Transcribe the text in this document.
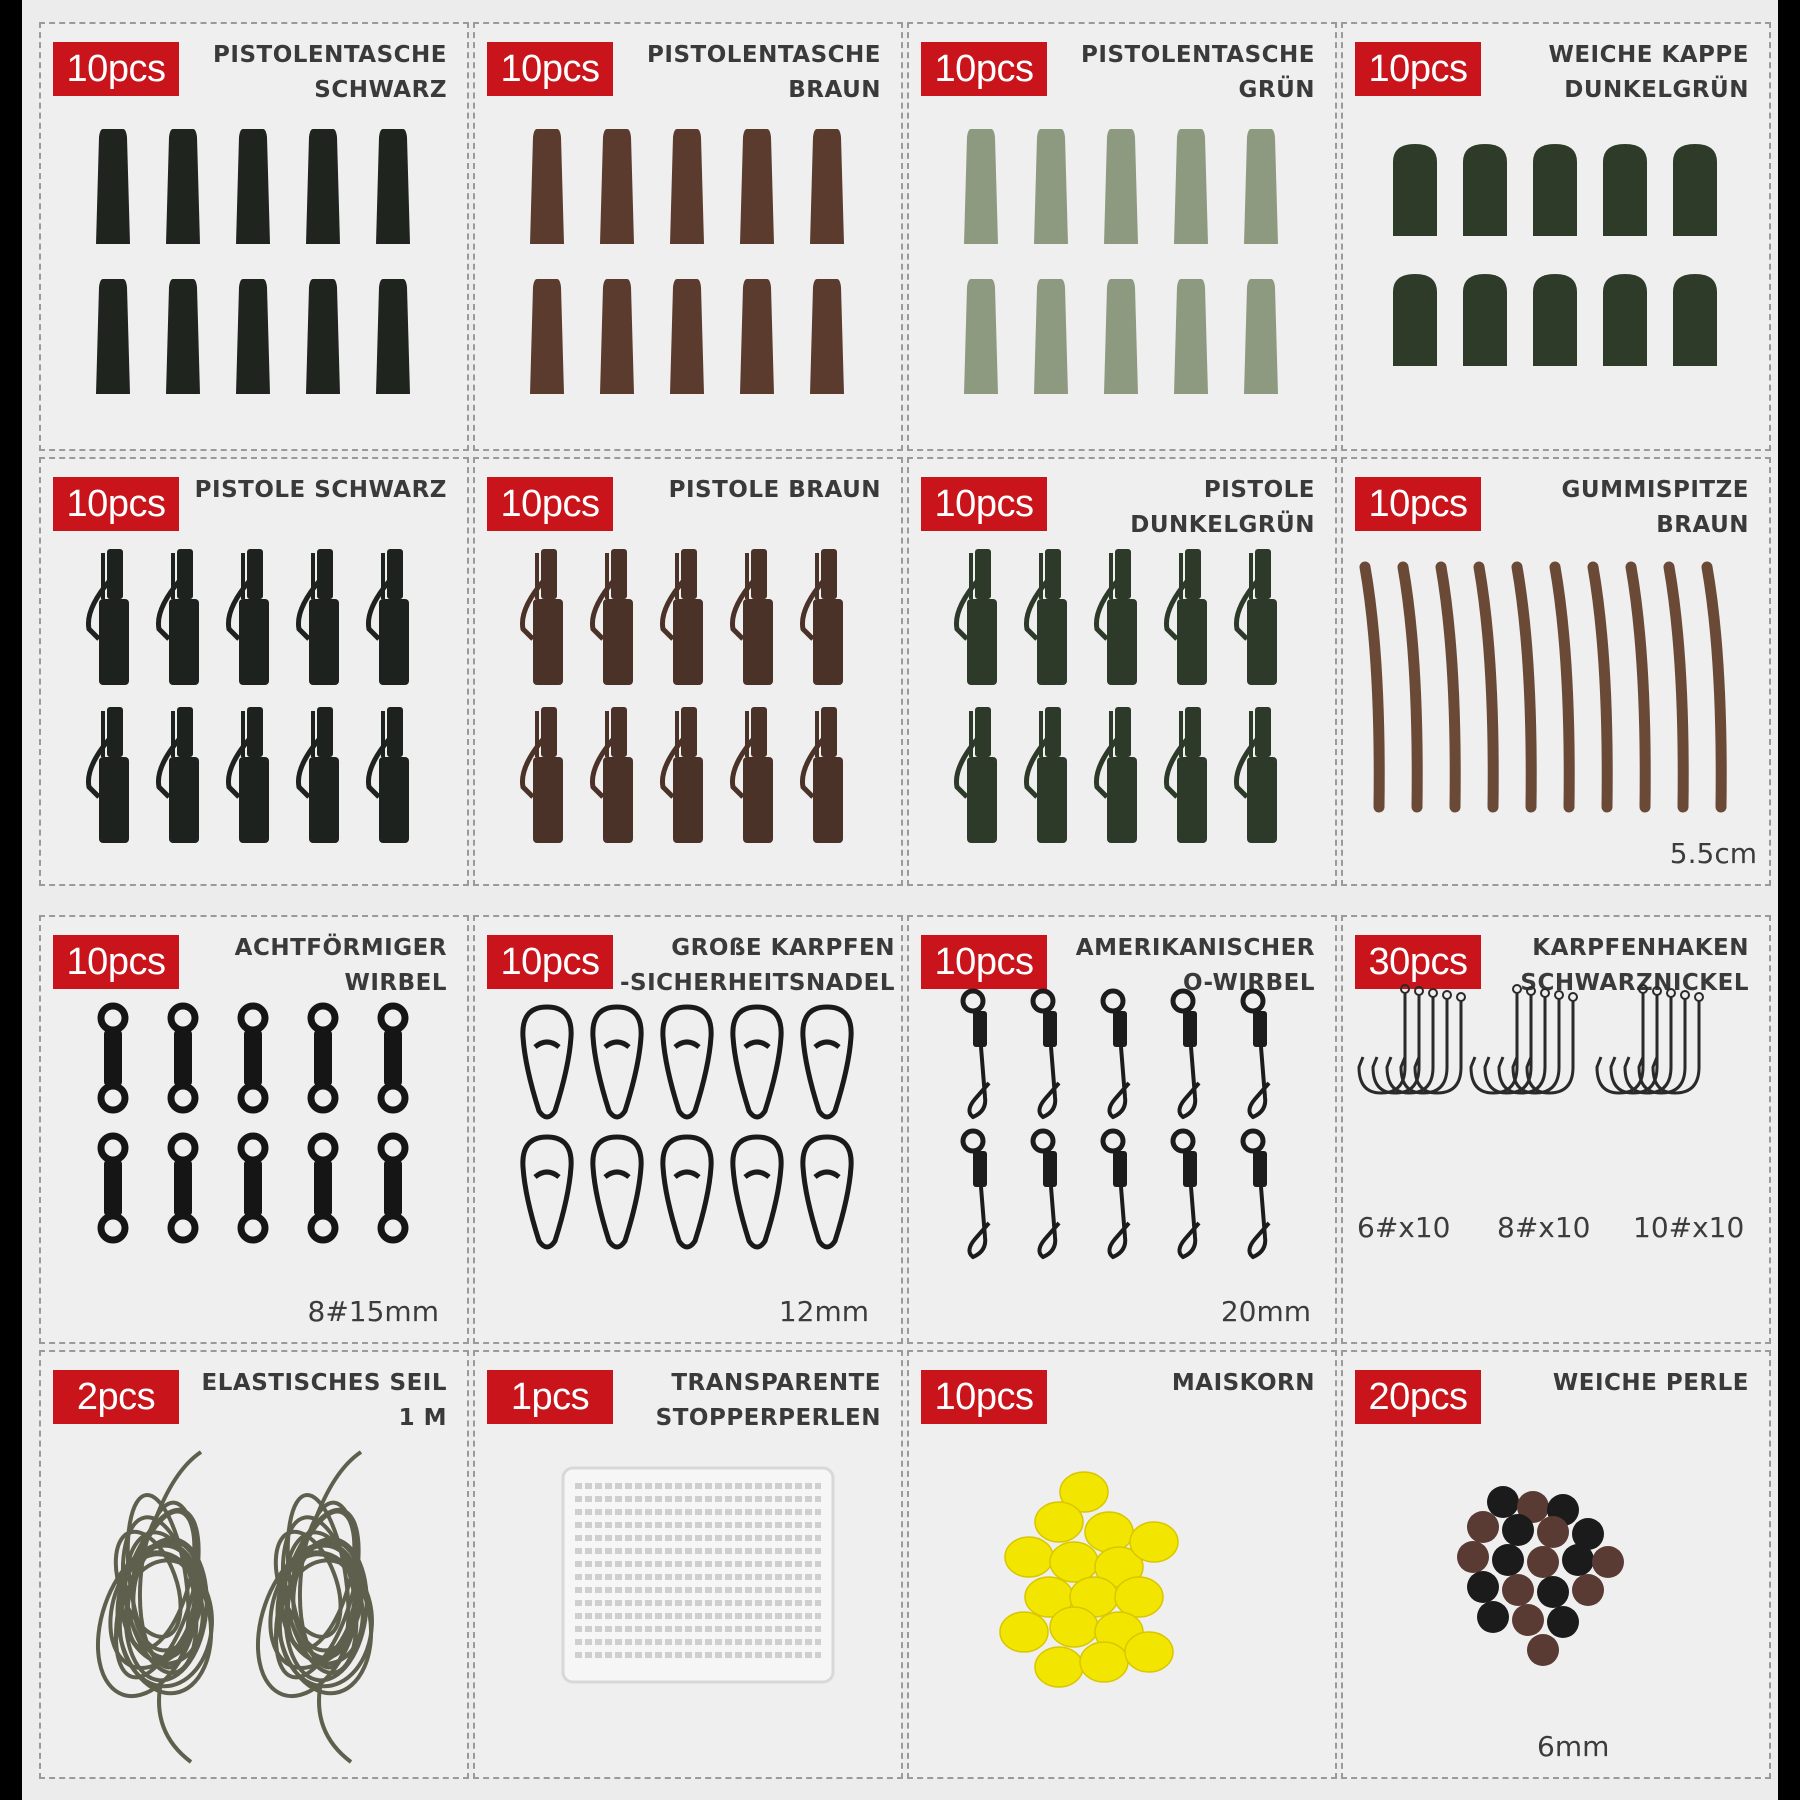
10pcs	PISTOLENTASCHE
SCHWARZ	10pcs	PISTOLENTASCHE
BRAUN	10pcs	PISTOLENTASCHE
GRÜN	10pcs	WEICHE KAPPE
DUNKELGRÜN
10pcs	PISTOLE SCHWARZ	10pcs	PISTOLE BRAUN	10pcs	PISTOLE
DUNKELGRÜN	10pcs	GUMMISPITZE
BRAUN
5.5cm
10pcs	ACHTFÖRMIGER
WIRBEL
8#15mm
10pcs	GROßE KARPFEN
-SICHERHEITSNADEL
12mm
10pcs	AMERIKANISCHER
O-WIRBEL
20mm
30pcs	KARPFENHAKEN
SCHWARZNICKEL
6#x10 8#x10 10#x10
2pcs	ELASTISCHES SEIL
1 M	1pcs	TRANSPARENTE
STOPPERPERLEN	10pcs	MAISKORN	20pcs	WEICHE PERLE
6mm
